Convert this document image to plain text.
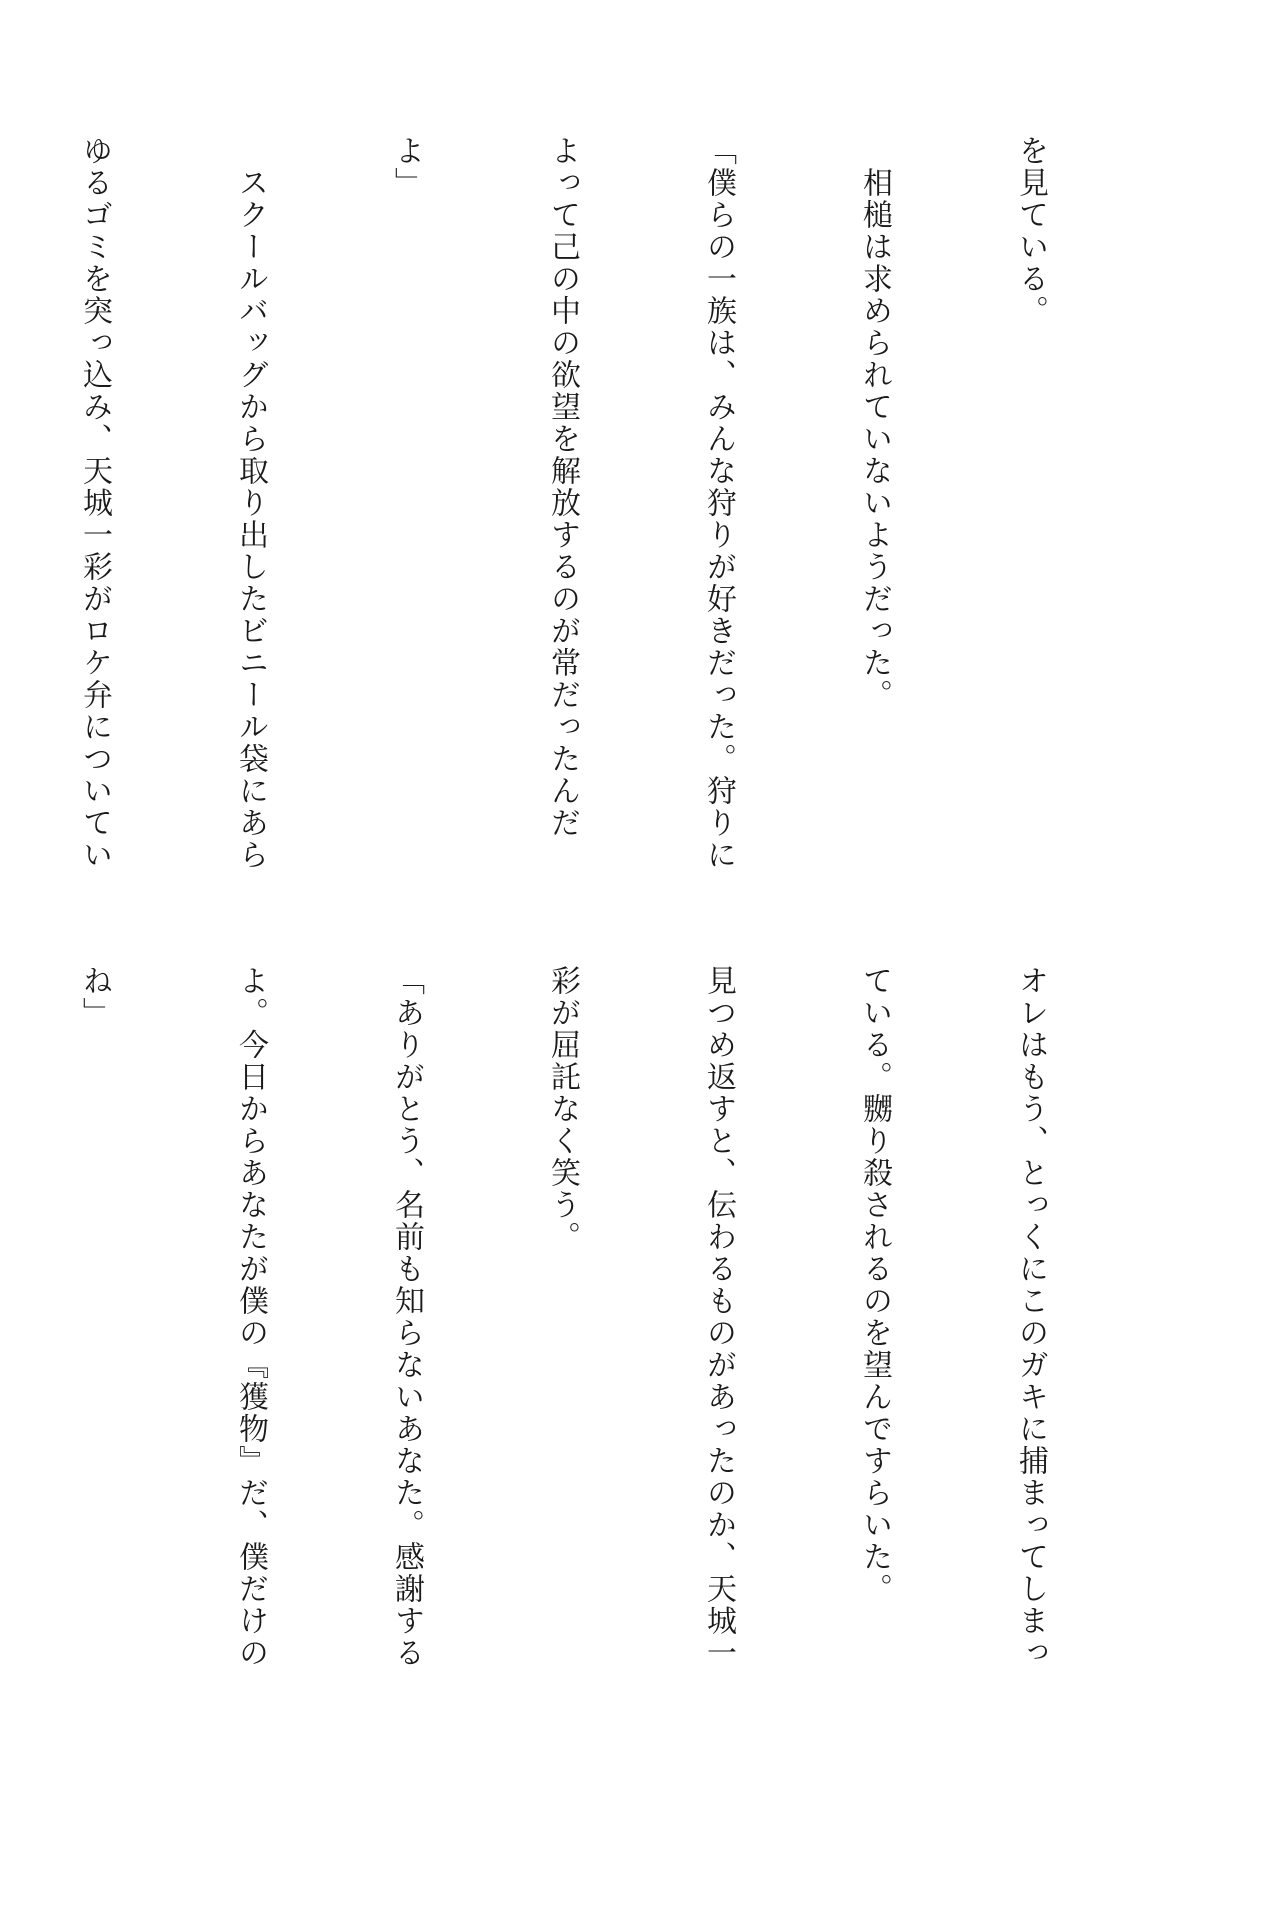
を見ている。

　相槌は求められていないようだった。

「僕らの一族は、みんな狩りが好きだった。狩りに

よって己の中の欲望を解放するのが常だったんだ

よ」

　スクールバッグから取り出したビニール袋にあら

ゆるゴミを突っ込み、天城一彩がロケ弁についてい

オレはもう、とっくにこのガキに捕まってしまっ

ている。嬲り殺されるのを望んですらいた。

見つめ返すと、伝わるものがあったのか、天城一

彩が屈託なく笑う。

「ありがとう、名前も知らないあなた。感謝する

よ。今日からあなたが僕の『獲物』だ、僕だけの

ね」
